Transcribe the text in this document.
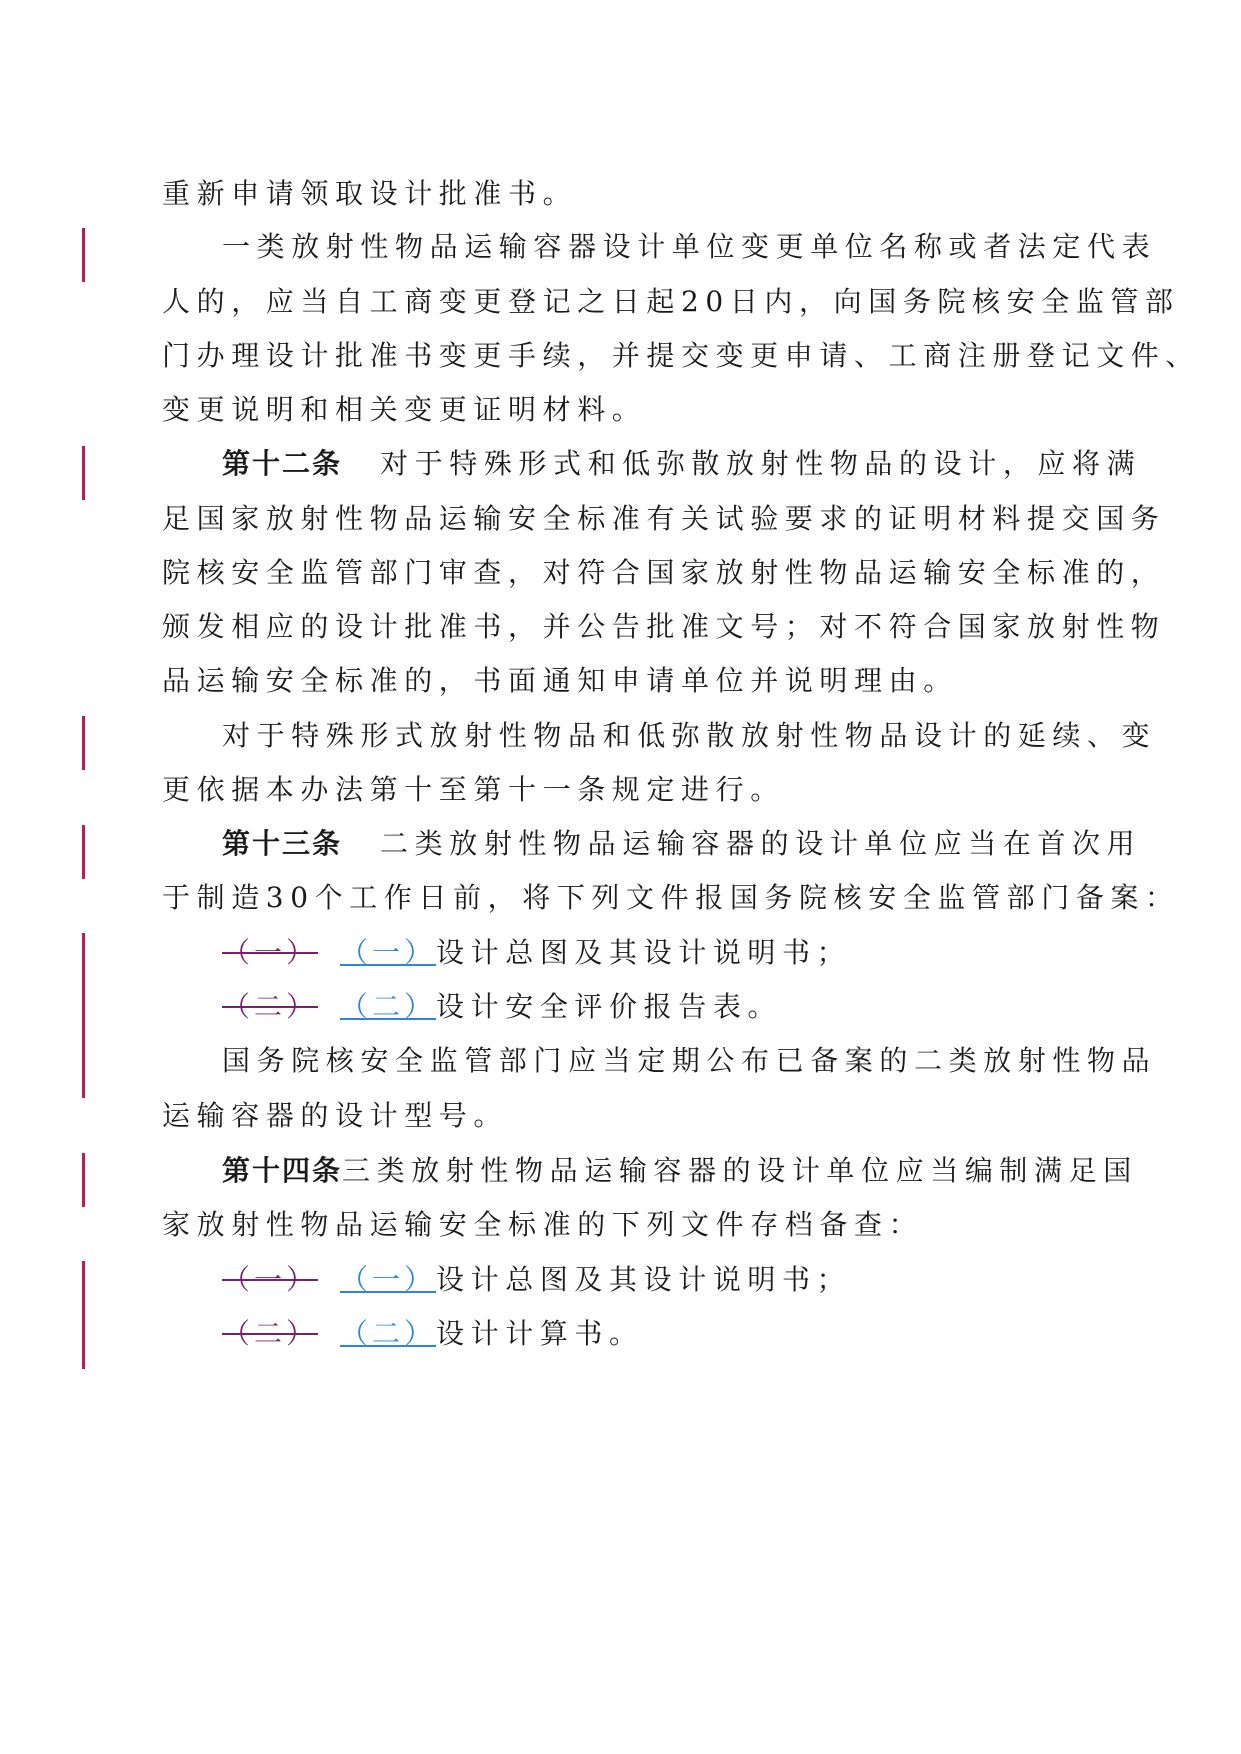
重新申请领取设计批准书。
一类放射性物品运输容器设计单位变更单位名称或者法定代表
人的，应当自工商变更登记之日起20日内，向国务院核安全监管部
门办理设计批准书变更手续，并提交变更申请、工商注册登记文件、
变更说明和相关变更证明材料。
第十二条 对于特殊形式和低弥散放射性物品的设计，应将满
足国家放射性物品运输安全标准有关试验要求的证明材料提交国务
院核安全监管部门审查，对符合国家放射性物品运输安全标准的，
颁发相应的设计批准书，并公告批准文号；对不符合国家放射性物
品运输安全标准的，书面通知申请单位并说明理由。
对于特殊形式放射性物品和低弥散放射性物品设计的延续、变
更依据本办法第十至第十一条规定进行。
第十三条 二类放射性物品运输容器的设计单位应当在首次用
于制造30个工作日前，将下列文件报国务院核安全监管部门备案：
（一） （一）设计总图及其设计说明书；
（二） （二）设计安全评价报告表。
国务院核安全监管部门应当定期公布已备案的二类放射性物品
运输容器的设计型号。
第十四条三类放射性物品运输容器的设计单位应当编制满足国
家放射性物品运输安全标准的下列文件存档备查：
（一） （一）设计总图及其设计说明书；
（二） （二）设计计算书。
